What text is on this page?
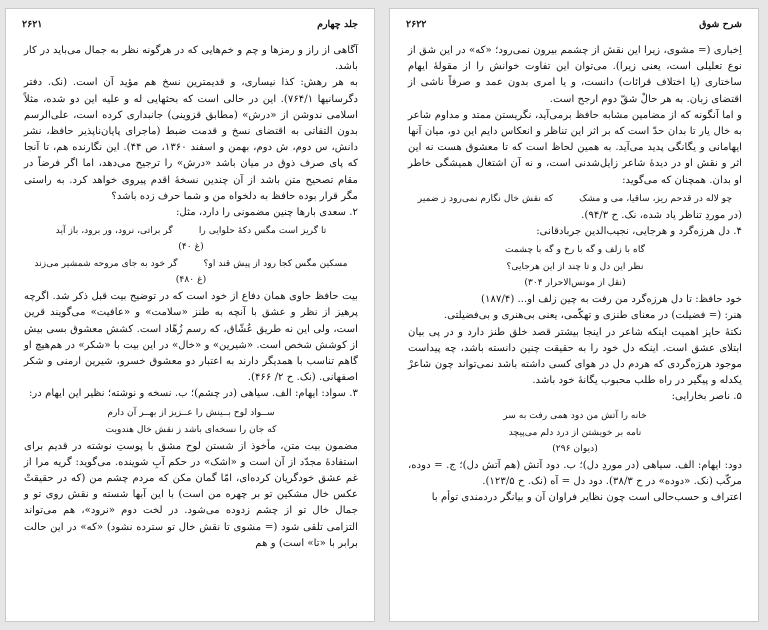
جلد چهارم
۲۶۲۱

آگاهی از راز و رمزها و چم و خم‌هایی که در هرگونه نظر به جمال می‌باید در کار باشد.

به هر رهش: کذا نیساری، و قدیمترین نسخ هم مؤید آن است. (نک. دفتر دگرسانیها ۷۶۴/۱). این در حالی است که بحثهایی له و علیه این دو شده، مثلاً اسلامی ندوشن از «درش» (مطابق قزوینی) جانبداری کرده است، علی‌الرسم بدون التفاتی به اقتضای نسخ و قدمت ضبط (ماجرای پایان‌ناپذیر حافظ، نشر دانش، س دوم، ش دوم، بهمن و اسفند ۱۳۶۰، ص ۴۴). این نگارنده هم، تا آنجا که پای صرف ذوق در میان باشد «درش» را ترجیح می‌دهد، اما اگر فرضاً در مقام تصحیح متن باشد از آن چندین نسخهٔ اقدم پیروی خواهد کرد. به راستی مگر قرار بوده حافظ به دلخواه من و شما حرف زده باشد؟

۲. سعدی بارها چنین مضمونی را دارد، مثل:

تا گریز است مگس دکهٔ حلوایی را
گر براتی، نرود، ور برود، باز آید
(غ ۴۰)
مسکین مگس کجا رود از پیش قند او؟
گر خود به جای مروحه شمشیر می‌زند
(غ ۴۸۰)

بیت حافظ حاوی همان دفاع از خود است که در توضیح بیت قبل ذکر شد. اگرچه پرهیز از نظر و عشق با آنچه به طنز «سلامت» و «عافیت» می‌گویند قرین است، ولی این نه طریق عُشّاق، که رسم زُهّاد است. کشش معشوق بسی بیش از کوشش شخص است. «شیرین» و «خال» در این بیت با «شکر» در هم‌هیچ او گاهم تناسب با همدیگر دارند به اعتبار دو معشوق خسرو، شیرین ارمنی و شکر اصفهانی. (نک. ح ۲/ ۴۶۶).

۳. سواد: ایهام: الف. سیاهی (در چشم)؛ ب. نسخه و نوشته؛ نظیر این ایهام در:

ســواد لوح بــینش را عــزیز از بهــر آن دارم
که جان را نسخه‌ای باشد ز نقش خال هندویت

مضمون بیت متن، مأخوذ از شستن لوح مشق با پوستِ نوشته در قدیم برای استفادهٔ مجدّد از آن است و «اشک» در حکم آبِ شوینده. می‌گوید: گریه مرا از غم عشق خودگریان کرده‌ای، امّا گمان مکن که مردم چشم من (که در حقیقتْ عکس خال مشکین تو بر چهره من است) با این آبها شسته و نقش روی تو و جمال خال تو از چشم زدوده می‌شود. در لخت دوم «نرود»، هم می‌تواند التزامی تلقی شود (= مشوی تا نقش خال تو سترده نشود) «که» در این حالت برابر با «تا» است) و هم

شرح شوق
۲۶۲۲

اِخباری (= مشوی، زیرا این نقش از چشمم بیرون نمی‌رود؛ «که» در این شق از نوع تعلیلی است، یعنی زیرا). می‌توان این تفاوت خوانش را از مقولهٔ ایهام ساختاری (یا اختلاف قرائات) دانست، و یا امری بدون عمد و صرفاً ناشی از اقتضای زبان. به هر حالْ شقّ دوم ارجح است.

و اما آنگونه که از مضامین مشابه حافظ برمی‌آید، نگریستن ممتد و مداوم شاعر به خال یار تا بدان حدّ است که بر اثر این تناظر و انعکاس دایم این دو، میان آنها ایهامانی و یگانگی پدید می‌آید. به همین لحاظ است که تا معشوق هست نه این اثر و نقش او در دیدهٔ شاعر زایل‌شدنی است، و نه آن اشتغال همیشگی خاطر او بدان. همچنان که می‌گوید:

چو لاله در قدحم ریز، ساقیا، می و مشک
که نقش خال نگارم نمی‌رود ز ضمیر

(در موردِ تناظر یاد شده، نک. ح ۹۴/۳).

۴. دل هرزه‌گرد و هرجایی، نجیب‌الدین جربادقانی:

گاه با زلف و گه با رخ و گه با چشمت
نظر این دل و تا چند از این هرجایی؟
(نقل از مونس‌الاحرار ۳۰۴)

خود حافظ: تا دل هرزه‌گرد من رفت به چین زلف او... (۱۸۷/۴)

هنر: (= فضیلت) در معنای طنزی و تهکّمی، یعنی بی‌هنری و بی‌فضیلتی.

نکتهٔ حایز اهمیت اینکه شاعر در اینجا بیشتر قصد خلق طنز دارد و در پی بیان ابتلای عشق است. اینکه دل خود را به حقیقت چنین دانسته باشد، چه پیداست موجود هرزه‌گردی که هردم دل در هوای کسی داشته باشد نمی‌تواند چون شاعرْ یکدله و پیگیر در راه طلب محبوب یگانهٔ خود باشد.

۵. ناصر بخارایی:

خانه را آتش من دود همی رفت به سر
نامه بر خویشتن از درد دلم می‌پیچد
(دیوان ۲۹۶)

دود: ایهام: الف. سیاهی (در موردِ دل)؛ ب. دود آتش (هم آتش دل)؛ ج. = دوده، مرکّب (نک. «دوده» در ح ۳۸/۳). دود دل = آه (نک. ح ۱۲۳/۵).

اعتراف و حسب‌حالی است چون نظایر فراوان آن و بیانگر دردمندی توأم با
